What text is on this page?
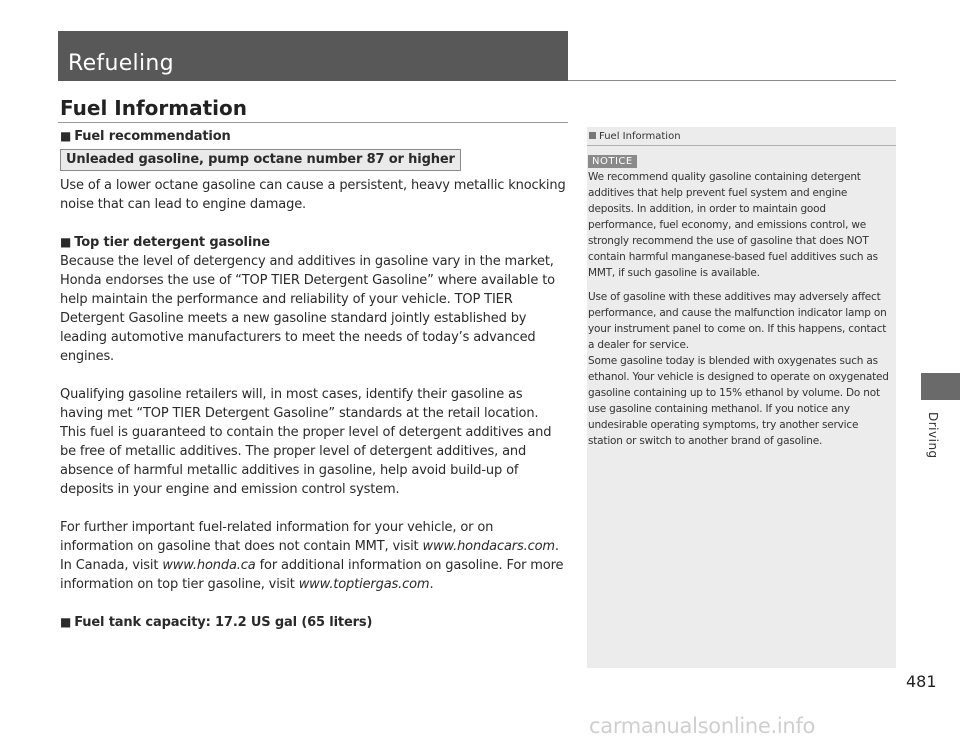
Refueling
Fuel Information

■ Fuel recommendation

Unleaded gasoline, pump octane number 87 or higher

Use of a lower octane gasoline can cause a persistent, heavy metallic knocking noise that can lead to engine damage.

■ Top tier detergent gasoline

Because the level of detergency and additives in gasoline vary in the market, Honda endorses the use of “TOP TIER Detergent Gasoline” where available to help maintain the performance and reliability of your vehicle. TOP TIER Detergent Gasoline meets a new gasoline standard jointly established by leading automotive manufacturers to meet the needs of today’s advanced engines.

Qualifying gasoline retailers will, in most cases, identify their gasoline as having met “TOP TIER Detergent Gasoline” standards at the retail location. This fuel is guaranteed to contain the proper level of detergent additives and be free of metallic additives. The proper level of detergent additives, and absence of harmful metallic additives in gasoline, help avoid build-up of deposits in your engine and emission control system.

For further important fuel-related information for your vehicle, or on information on gasoline that does not contain MMT, visit www.hondacars.com. In Canada, visit www.honda.ca for additional information on gasoline. For more information on top tier gasoline, visit www.toptiergas.com.

■ Fuel tank capacity: 17.2 US gal (65 liters)

Fuel Information
NOTICE

We recommend quality gasoline containing detergent additives that help prevent fuel system and engine deposits. In addition, in order to maintain good performance, fuel economy, and emissions control, we strongly recommend the use of gasoline that does NOT contain harmful manganese-based fuel additives such as MMT, if such gasoline is available.

Use of gasoline with these additives may adversely affect performance, and cause the malfunction indicator lamp on your instrument panel to come on. If this happens, contact a dealer for service.

Some gasoline today is blended with oxygenates such as ethanol. Your vehicle is designed to operate on oxygenated gasoline containing up to 15% ethanol by volume. Do not use gasoline containing methanol. If you notice any undesirable operating symptoms, try another service station or switch to another brand of gasoline.	Driving
481
carmanualsonline.info
